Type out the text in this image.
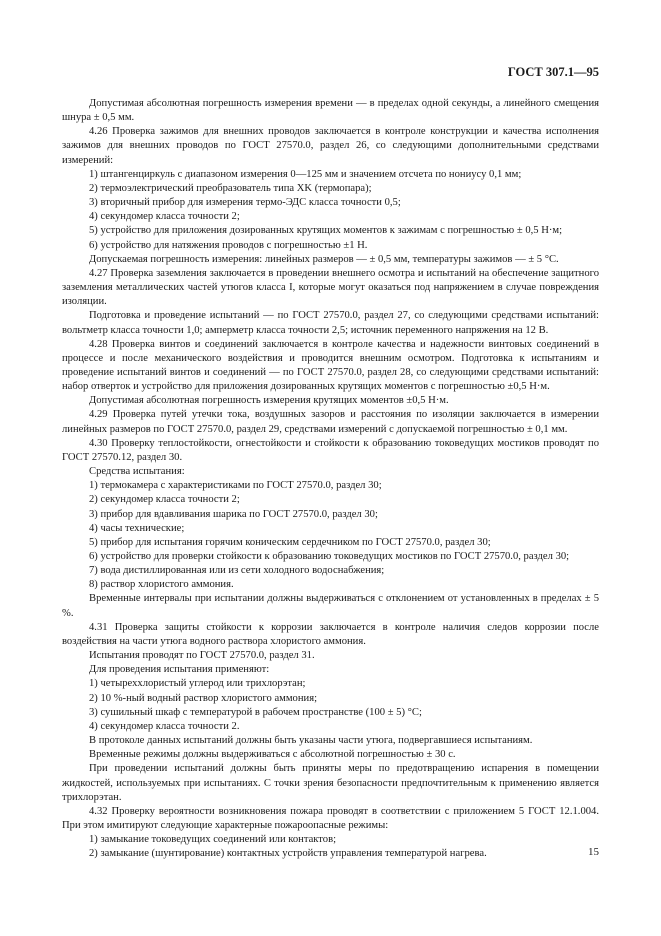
ГОСТ 307.1—95

Допустимая абсолютная погрешность измерения времени — в пределах одной секунды, а линейного смещения шнура ± 0,5 мм.

4.26 Проверка зажимов для внешних проводов заключается в контроле конструкции и качества исполнения зажимов для внешних проводов по ГОСТ 27570.0, раздел 26, со следующими дополнительными средствами измерений:

1) штангенциркуль с диапазоном измерения 0—125 мм и значением отсчета по нониусу 0,1 мм;

2) термоэлектрический преобразователь типа XK (термопара);

3) вторичный прибор для измерения термо-ЭДС класса точности 0,5;

4) секундомер класса точности 2;

5) устройство для приложения дозированных крутящих моментов к зажимам с погрешностью ± 0,5 Н·м;

6) устройство для натяжения проводов с погрешностью ±1 Н.

Допускаемая погрешность измерения: линейных размеров — ± 0,5 мм, температуры зажимов — ± 5 °С.

4.27 Проверка заземления заключается в проведении внешнего осмотра и испытаний на обеспечение защитного заземления металлических частей утюгов класса I, которые могут оказаться под напряжением в случае повреждения изоляции.

Подготовка и проведение испытаний — по ГОСТ 27570.0, раздел 27, со следующими средствами испытаний: вольтметр класса точности 1,0; амперметр класса точности 2,5; источник переменного напряжения на 12 В.

4.28 Проверка винтов и соединений заключается в контроле качества и надежности винтовых соединений в процессе и после механического воздействия и проводится внешним осмотром. Подготовка к испытаниям и проведение испытаний винтов и соединений — по ГОСТ 27570.0, раздел 28, со следующими средствами испытаний: набор отверток и устройство для приложения дозированных крутящих моментов с погрешностью ±0,5 Н·м.

Допустимая абсолютная погрешность измерения крутящих моментов ±0,5 Н·м.

4.29 Проверка путей утечки тока, воздушных зазоров и расстояния по изоляции заключается в измерении линейных размеров по ГОСТ 27570.0, раздел 29, средствами измерений с допускаемой погрешностью ± 0,1 мм.

4.30 Проверку теплостойкости, огнестойкости и стойкости к образованию токоведущих мостиков проводят по ГОСТ 27570.12, раздел 30.

Средства испытания:

1) термокамера с характеристиками по ГОСТ 27570.0, раздел 30;

2) секундомер класса точности 2;

3) прибор для вдавливания шарика по ГОСТ 27570.0, раздел 30;

4) часы технические;

5) прибор для испытания горячим коническим сердечником по ГОСТ 27570.0, раздел 30;

6) устройство для проверки стойкости к образованию токоведущих мостиков по ГОСТ 27570.0, раздел 30;

7) вода дистиллированная или из сети холодного водоснабжения;

8) раствор хлористого аммония.

Временные интервалы при испытании должны выдерживаться с отклонением от установленных в пределах ± 5 %.

4.31 Проверка защиты стойкости к коррозии заключается в контроле наличия следов коррозии после воздействия на части утюга водного раствора хлористого аммония.

Испытания проводят по ГОСТ 27570.0, раздел 31.

Для проведения испытания применяют:

1) четыреххлористый углерод или трихлорэтан;

2) 10 %-ный водный раствор хлористого аммония;

3) сушильный шкаф с температурой в рабочем пространстве (100 ± 5) °С;

4) секундомер класса точности 2.

В протоколе данных испытаний должны быть указаны части утюга, подвергавшиеся испытаниям.

Временные режимы должны выдерживаться с абсолютной погрешностью ± 30 с.

При проведении испытаний должны быть приняты меры по предотвращению испарения в помещении жидкостей, используемых при испытаниях. С точки зрения безопасности предпочтительным к применению является трихлорэтан.

4.32 Проверку вероятности возникновения пожара проводят в соответствии с приложением 5 ГОСТ 12.1.004. При этом имитируют следующие характерные пожароопасные режимы:

1) замыкание токоведущих соединений или контактов;

2) замыкание (шунтирование) контактных устройств управления температурой нагрева.	15
